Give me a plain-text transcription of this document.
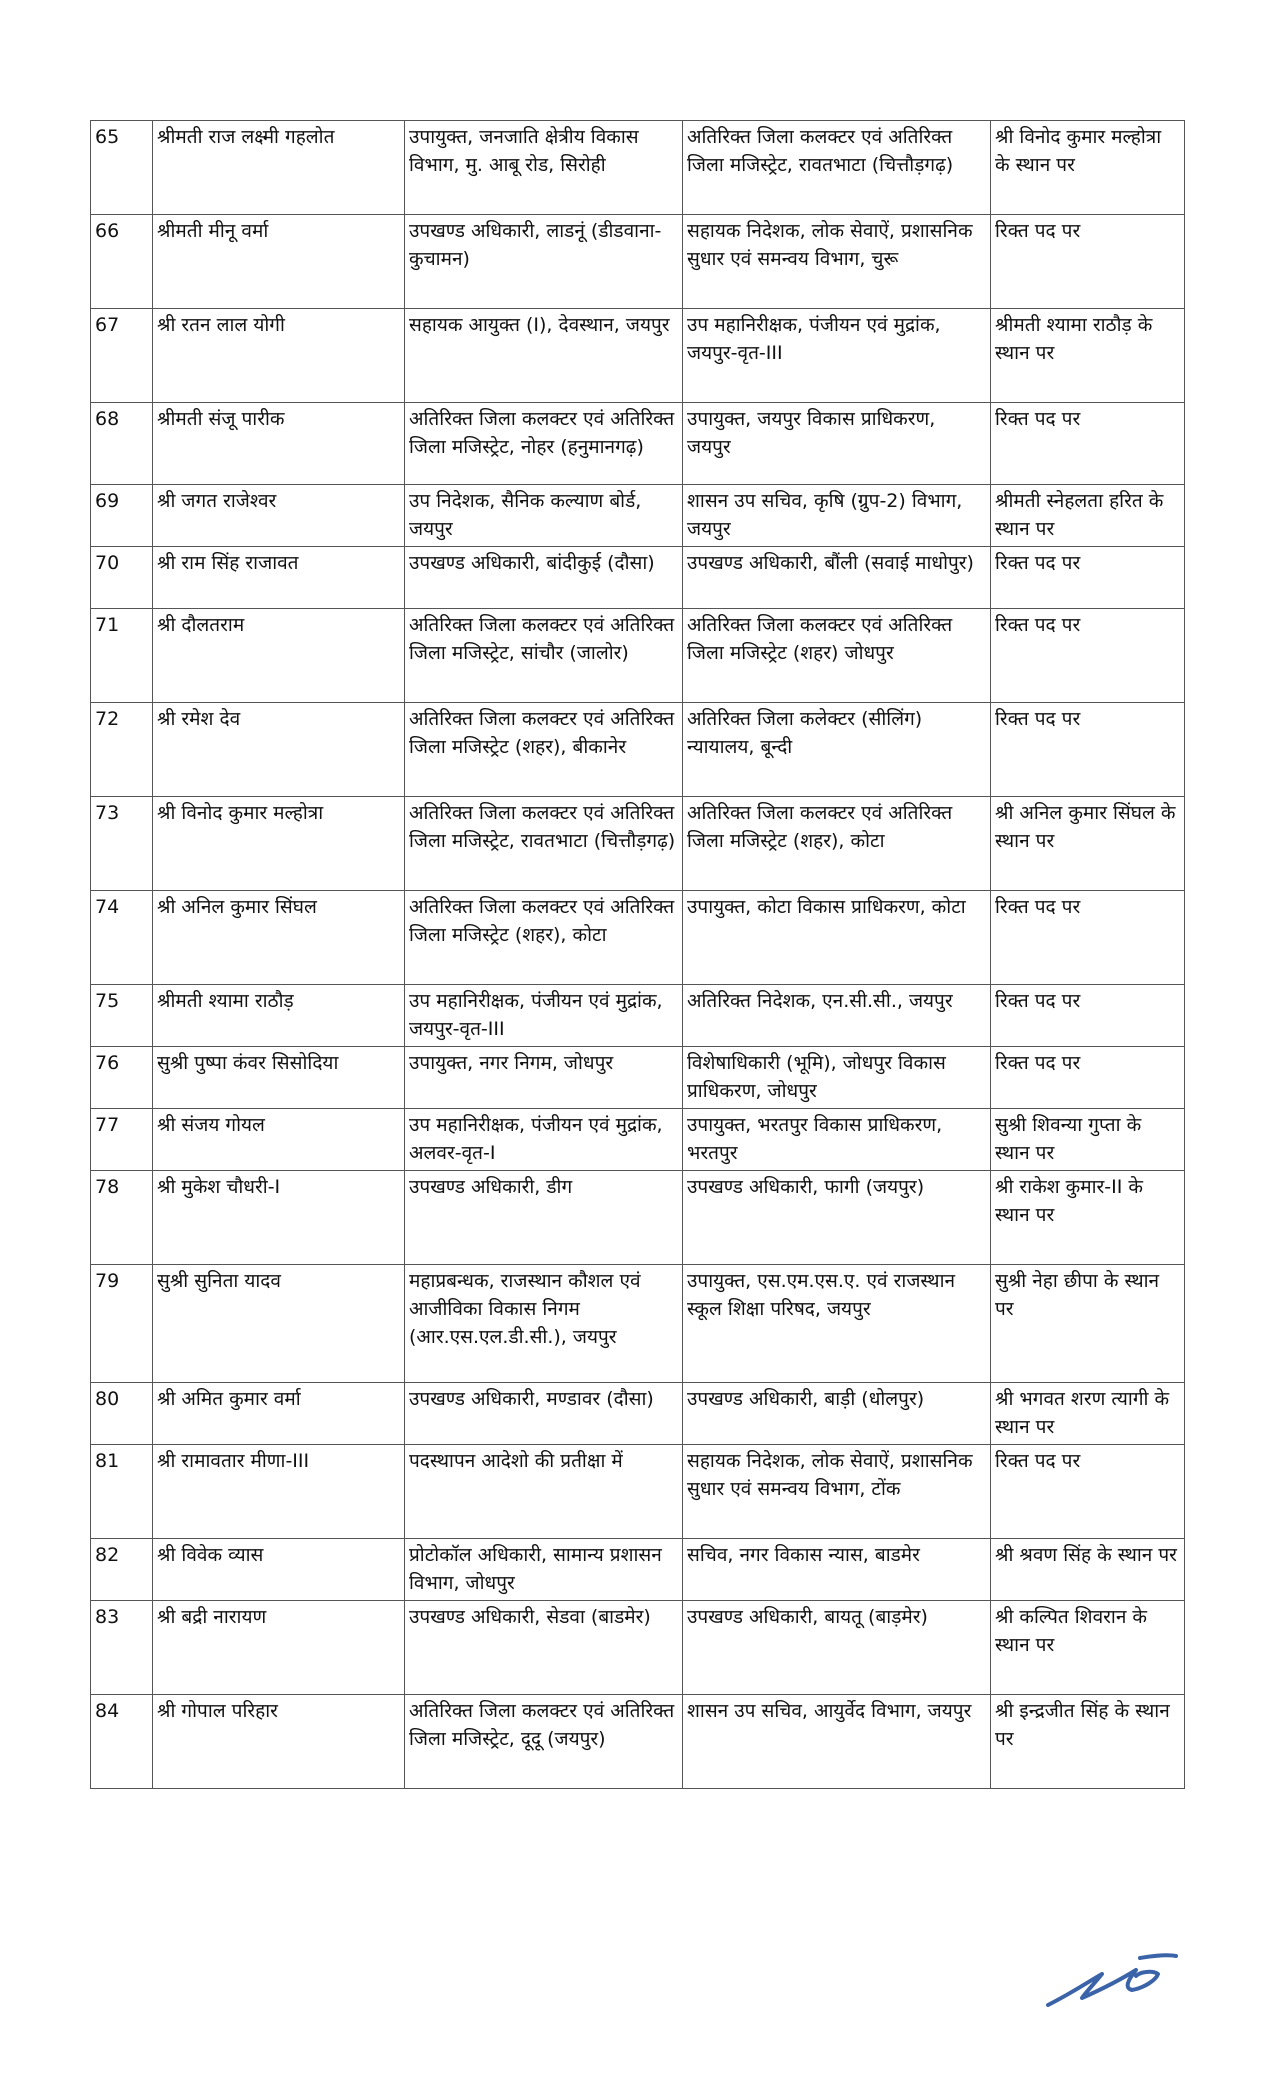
65	श्रीमती राज लक्ष्मी गहलोत	उपायुक्त, जनजाति क्षेत्रीय विकास विभाग, मु. आबू रोड, सिरोही	अतिरिक्त जिला कलक्टर एवं अतिरिक्त जिला मजिस्ट्रेट, रावतभाटा (चित्तौड़गढ़)	श्री विनोद कुमार मल्होत्रा के स्थान पर
66	श्रीमती मीनू वर्मा	उपखण्ड अधिकारी, लाडनूं (डीडवाना-कुचामन)	सहायक निदेशक, लोक सेवाऐं, प्रशासनिक सुधार एवं समन्वय विभाग, चुरू	रिक्त पद पर
67	श्री रतन लाल योगी	सहायक आयुक्त (I), देवस्थान, जयपुर	उप महानिरीक्षक, पंजीयन एवं मुद्रांक, जयपुर-वृत-III	श्रीमती श्यामा राठौड़ के स्थान पर
68	श्रीमती संजू पारीक	अतिरिक्त जिला कलक्टर एवं अतिरिक्त जिला मजिस्ट्रेट, नोहर (हनुमानगढ़)	उपायुक्त, जयपुर विकास प्राधिकरण, जयपुर	रिक्त पद पर
69	श्री जगत राजेश्वर	उप निदेशक, सैनिक कल्याण बोर्ड, जयपुर	शासन उप सचिव, कृषि (ग्रुप-2) विभाग, जयपुर	श्रीमती स्नेहलता हरित के स्थान पर
70	श्री राम सिंह राजावत	उपखण्ड अधिकारी, बांदीकुई (दौसा)	उपखण्ड अधिकारी, बौंली (सवाई माधोपुर)	रिक्त पद पर
71	श्री दौलतराम	अतिरिक्त जिला कलक्टर एवं अतिरिक्त जिला मजिस्ट्रेट, सांचौर (जालोर)	अतिरिक्त जिला कलक्टर एवं अतिरिक्त जिला मजिस्ट्रेट (शहर) जोधपुर	रिक्त पद पर
72	श्री रमेश देव	अतिरिक्त जिला कलक्टर एवं अतिरिक्त जिला मजिस्ट्रेट (शहर), बीकानेर	अतिरिक्त जिला कलेक्टर (सीलिंग) न्यायालय, बून्दी	रिक्त पद पर
73	श्री विनोद कुमार मल्होत्रा	अतिरिक्त जिला कलक्टर एवं अतिरिक्त जिला मजिस्ट्रेट, रावतभाटा (चित्तौड़गढ़)	अतिरिक्त जिला कलक्टर एवं अतिरिक्त जिला मजिस्ट्रेट (शहर), कोटा	श्री अनिल कुमार सिंघल के स्थान पर
74	श्री अनिल कुमार सिंघल	अतिरिक्त जिला कलक्टर एवं अतिरिक्त जिला मजिस्ट्रेट (शहर), कोटा	उपायुक्त, कोटा विकास प्राधिकरण, कोटा	रिक्त पद पर
75	श्रीमती श्यामा राठौड़	उप महानिरीक्षक, पंजीयन एवं मुद्रांक, जयपुर-वृत-III	अतिरिक्त निदेशक, एन.सी.सी., जयपुर	रिक्त पद पर
76	सुश्री पुष्पा कंवर सिसोदिया	उपायुक्त, नगर निगम, जोधपुर	विशेषाधिकारी (भूमि), जोधपुर विकास प्राधिकरण, जोधपुर	रिक्त पद पर
77	श्री संजय गोयल	उप महानिरीक्षक, पंजीयन एवं मुद्रांक, अलवर-वृत-I	उपायुक्त, भरतपुर विकास प्राधिकरण, भरतपुर	सुश्री शिवन्या गुप्ता के स्थान पर
78	श्री मुकेश चौधरी-I	उपखण्ड अधिकारी, डीग	उपखण्ड अधिकारी, फागी (जयपुर)	श्री राकेश कुमार-II के स्थान पर
79	सुश्री सुनिता यादव	महाप्रबन्धक, राजस्थान कौशल एवं आजीविका विकास निगम (आर.एस.एल.डी.सी.), जयपुर	उपायुक्त, एस.एम.एस.ए. एवं राजस्थान स्कूल शिक्षा परिषद, जयपुर	सुश्री नेहा छीपा के स्थान पर
80	श्री अमित कुमार वर्मा	उपखण्ड अधिकारी, मण्डावर (दौसा)	उपखण्ड अधिकारी, बाड़ी (धोलपुर)	श्री भगवत शरण त्यागी के स्थान पर
81	श्री रामावतार मीणा-III	पदस्थापन आदेशो की प्रतीक्षा में	सहायक निदेशक, लोक सेवाऐं, प्रशासनिक सुधार एवं समन्वय विभाग, टोंक	रिक्त पद पर
82	श्री विवेक व्यास	प्रोटोकॉल अधिकारी, सामान्य प्रशासन विभाग, जोधपुर	सचिव, नगर विकास न्यास, बाडमेर	श्री श्रवण सिंह के स्थान पर
83	श्री बद्री नारायण	उपखण्ड अधिकारी, सेडवा (बाडमेर)	उपखण्ड अधिकारी, बायतू (बाड़मेर)	श्री कल्पित शिवरान के स्थान पर
84	श्री गोपाल परिहार	अतिरिक्त जिला कलक्टर एवं अतिरिक्त जिला मजिस्ट्रेट, दूदू (जयपुर)	शासन उप सचिव, आयुर्वेद विभाग, जयपुर	श्री इन्द्रजीत सिंह के स्थान पर
